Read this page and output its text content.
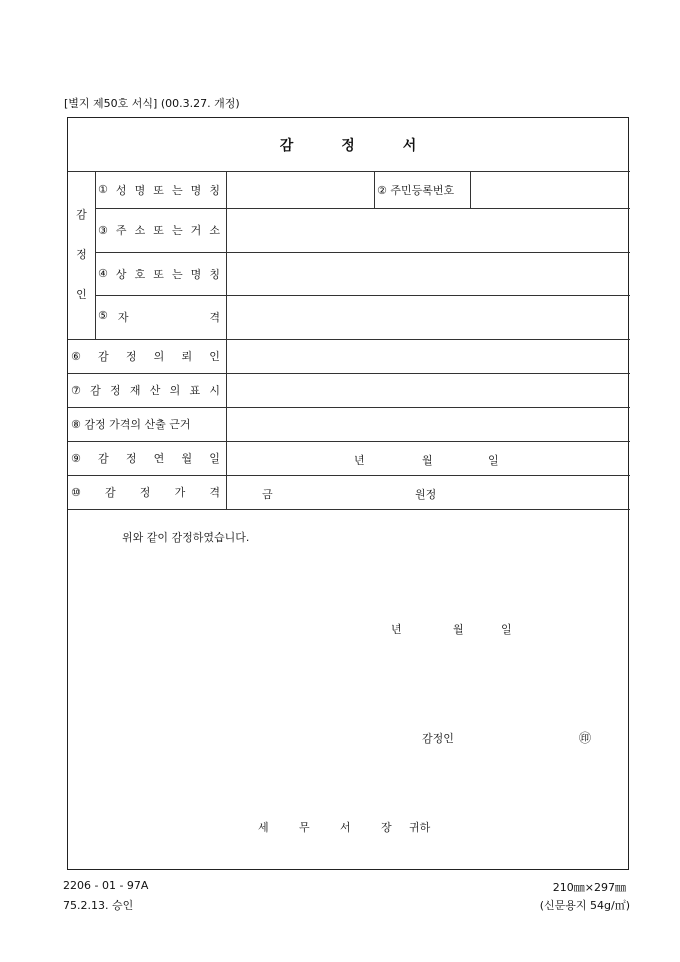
[별지 제50호 서식] (00.3.27. 개정)
감정서
감
정
인
① 성 명 또 는 명 칭	② 주민등록번호
③ 주 소 또 는 거 소
④ 상 호 또 는 명 칭
⑤ 자	격
⑥ 감 정 의 뢰 인
⑦ 감 정 재 산 의 표 시
⑧ 감정 가격의 산출 근거
⑨ 감 정 연 월 일	년	월	일
⑩ 감 정 가 격	금	원정
위와 같이 감정하였습니다.
년	월	일
감정인	㊞
세	무	서	장	귀하
2206 - 01 - 97A
75.2.13. 승인
210㎜×297㎜
(신문용지 54g/㎡)
